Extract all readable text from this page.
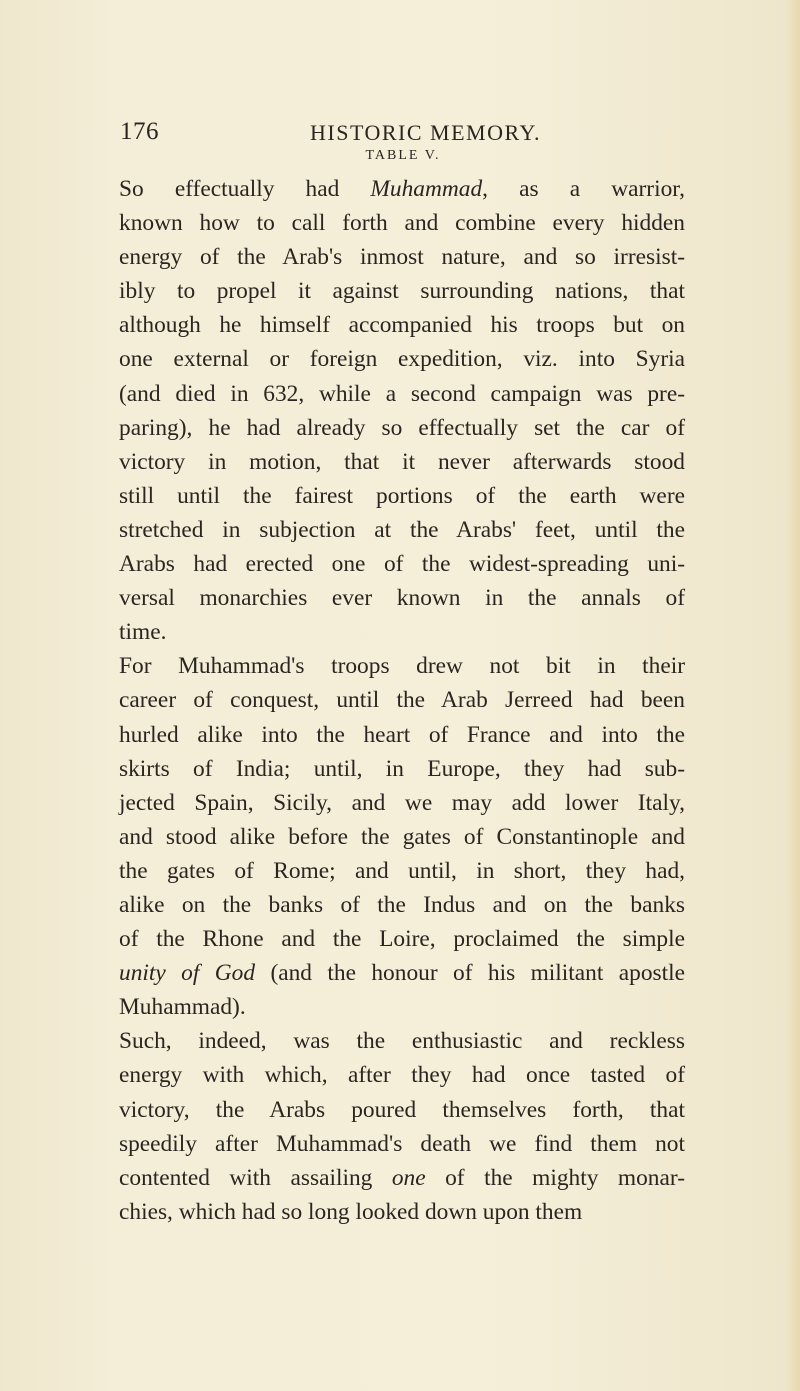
176	HISTORIC MEMORY.
TABLE V.
So effectually had Muhammad, as a warrior,
known how to call forth and combine every hidden
energy of the Arab's inmost nature, and so irresist-
ibly to propel it against surrounding nations, that
although he himself accompanied his troops but on
one external or foreign expedition, viz. into Syria
(and died in 632, while a second campaign was pre-
paring), he had already so effectually set the car of
victory in motion, that it never afterwards stood
still until the fairest portions of the earth were
stretched in subjection at the Arabs' feet, until the
Arabs had erected one of the widest-spreading uni-
versal monarchies ever known in the annals of
time.
For Muhammad's troops drew not bit in their
career of conquest, until the Arab Jerreed had been
hurled alike into the heart of France and into the
skirts of India; until, in Europe, they had sub-
jected Spain, Sicily, and we may add lower Italy,
and stood alike before the gates of Constantinople and
the gates of Rome; and until, in short, they had,
alike on the banks of the Indus and on the banks
of the Rhone and the Loire, proclaimed the simple
unity of God (and the honour of his militant apostle
Muhammad).
Such, indeed, was the enthusiastic and reckless
energy with which, after they had once tasted of
victory, the Arabs poured themselves forth, that
speedily after Muhammad's death we find them not
contented with assailing one of the mighty monar-
chies, which had so long looked down upon them
